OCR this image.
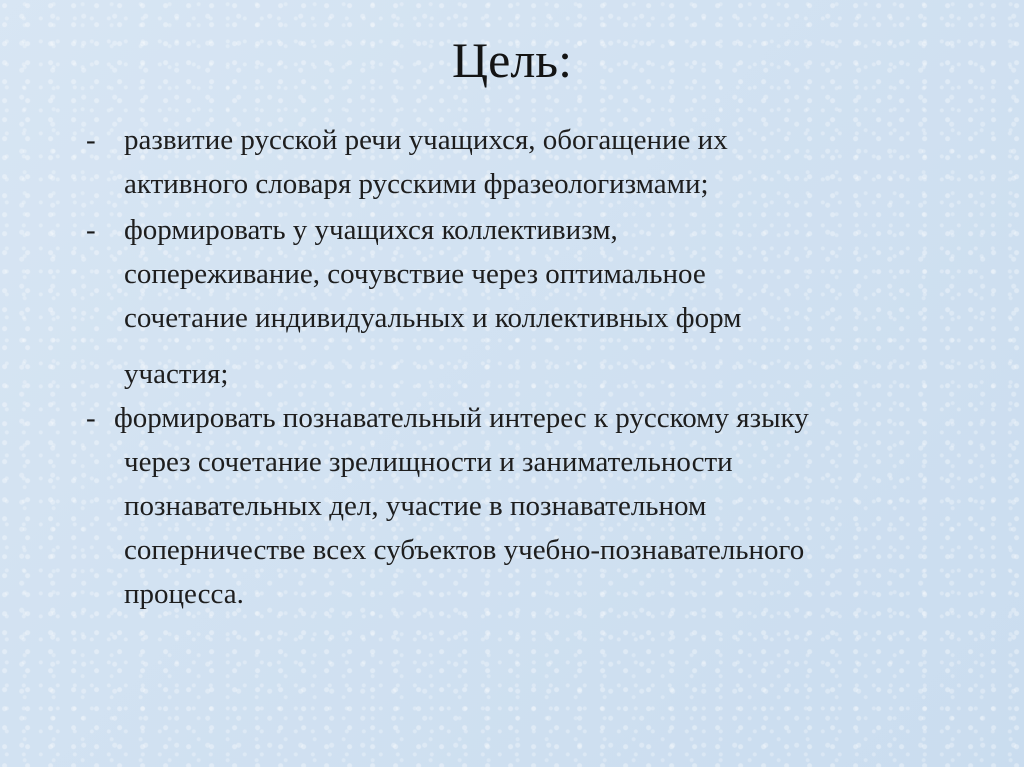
Цель:
- развитие русской речи учащихся, обогащение их
активного словаря русскими фразеологизмами;
- формировать у учащихся коллективизм,
сопереживание, сочувствие через оптимальное
сочетание индивидуальных и коллективных форм
участия;
- формировать познавательный интерес к русскому языку
через сочетание зрелищности и занимательности
познавательных дел, участие в познавательном
соперничестве всех субъектов учебно-познавательного
процесса.
